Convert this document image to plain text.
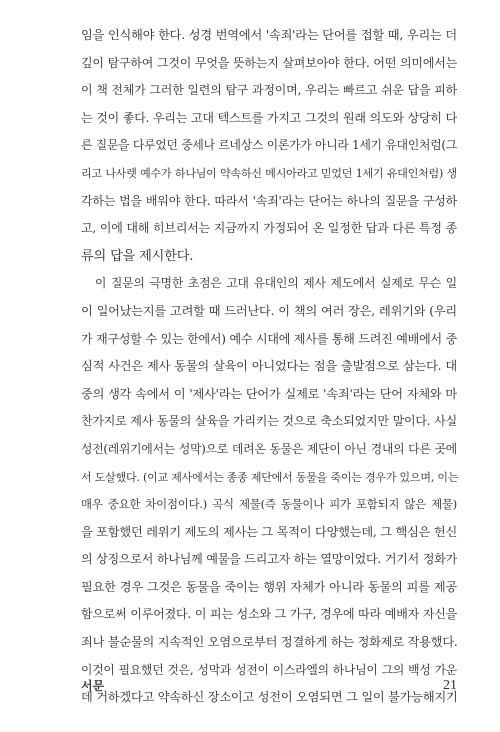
임을 인식해야 한다. 성경 번역에서 '속죄'라는 단어를 접할 때, 우리는 더
깊이 탐구하여 그것이 무엇을 뜻하는지 살펴보아야 한다. 어떤 의미에서는
이 책 전체가 그러한 일련의 탐구 과정이며, 우리는 빠르고 쉬운 답을 피하
는 것이 좋다. 우리는 고대 텍스트를 가지고 그것의 원래 의도와 상당히 다
른 질문을 다루었던 중세나 르네상스 이론가가 아니라 1세기 유대인처럼(그
리고 나사렛 예수가 하나님이 약속하신 메시아라고 믿었던 1세기 유대인처럼) 생
각하는 법을 배워야 한다. 따라서 '속죄'라는 단어는 하나의 질문을 구성하
고, 이에 대해 히브리서는 지금까지 가정되어 온 일정한 답과 다른 특정 종
류의 답을 제시한다.
이 질문의 극명한 초점은 고대 유대인의 제사 제도에서 실제로 무슨 일
이 일어났는지를 고려할 때 드러난다. 이 책의 여러 장은, 레위기와 (우리
가 재구성할 수 있는 한에서) 예수 시대에 제사를 통해 드려진 예배에서 중
심적 사건은 제사 동물의 살육이 아니었다는 점을 출발점으로 삼는다. 대
중의 생각 속에서 이 '제사'라는 단어가 실제로 '속죄'라는 단어 자체와 마
찬가지로 제사 동물의 살육을 가리키는 것으로 축소되었지만 말이다. 사실
성전(레위기에서는 성막)으로 데려온 동물은 제단이 아닌 경내의 다른 곳에
서 도살했다. (이교 제사에서는 종종 제단에서 동물을 죽이는 경우가 있으며, 이는
매우 중요한 차이점이다.) 곡식 제물(즉 동물이나 피가 포함되지 않은 제물)
을 포함했던 레위기 제도의 제사는 그 목적이 다양했는데, 그 핵심은 헌신
의 상징으로서 하나님께 예물을 드리고자 하는 열망이었다. 거기서 정화가
필요한 경우 그것은 동물을 죽이는 행위 자체가 아니라 동물의 피를 제공
함으로써 이루어졌다. 이 피는 성소와 그 가구, 경우에 따라 예배자 자신을
죄나 불순물의 지속적인 오염으로부터 정결하게 하는 정화제로 작용했다.
이것이 필요했던 것은, 성막과 성전이 이스라엘의 하나님이 그의 백성 가운
데 거하겠다고 약속하신 장소이고 성전이 오염되면 그 일이 불가능해지기
서문	21
